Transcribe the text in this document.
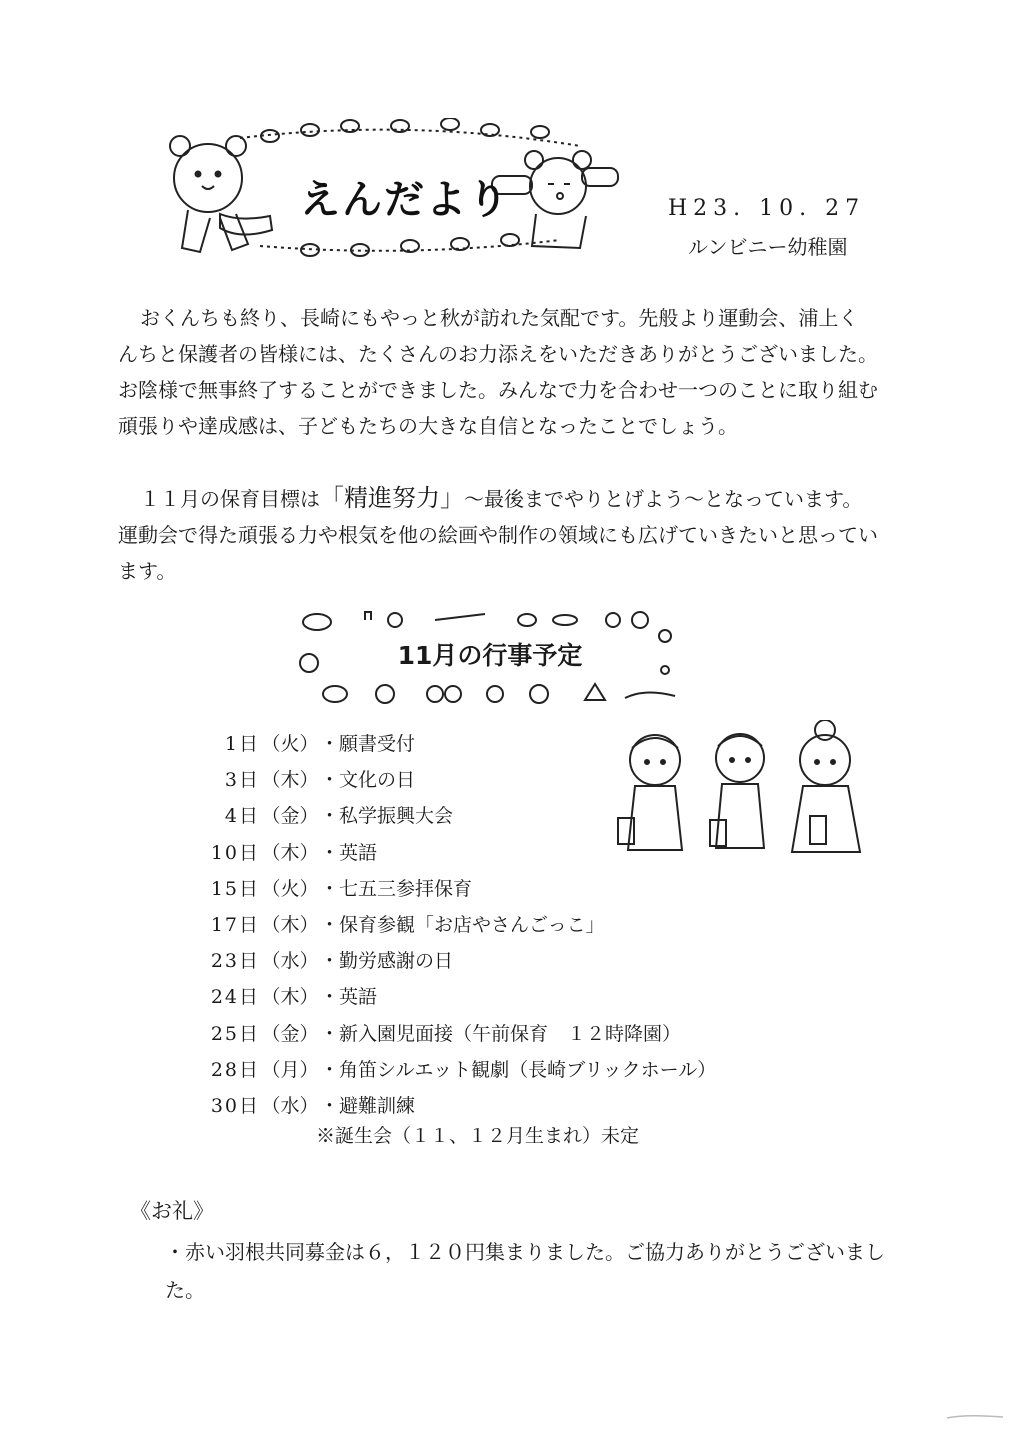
えんだより	H23. 10. 27
ルンビニー幼稚園

おくんちも終り、長崎にもやっと秋が訪れた気配です。先般より運動会、浦上くんちと保護者の皆様には、たくさんのお力添えをいただきありがとうございました。お陰様で無事終了することができました。みんなで力を合わせ一つのことに取り組む頑張りや達成感は、子どもたちの大きな自信となったことでしょう。

１１月の保育目標は「精進努力」～最後までやりとげよう～となっています。運動会で得た頑張る力や根気を他の絵画や制作の領域にも広げていきたいと思っています。

11月の行事予定
1日（火）・願書受付
3日（木）・文化の日
4日（金）・私学振興大会
10日（木）・英語
15日（火）・七五三参拝保育
17日（木）・保育参観「お店やさんごっこ」
23日（水）・勤労感謝の日
24日（木）・英語
25日（金）・新入園児面接（午前保育　１２時降園）
28日（月）・角笛シルエット観劇（長崎ブリックホール）
30日（水）・避難訓練
※誕生会（１１、１２月生まれ）未定
《お礼》

・赤い羽根共同募金は６，１２０円集まりました。ご協力ありがとうございました。
